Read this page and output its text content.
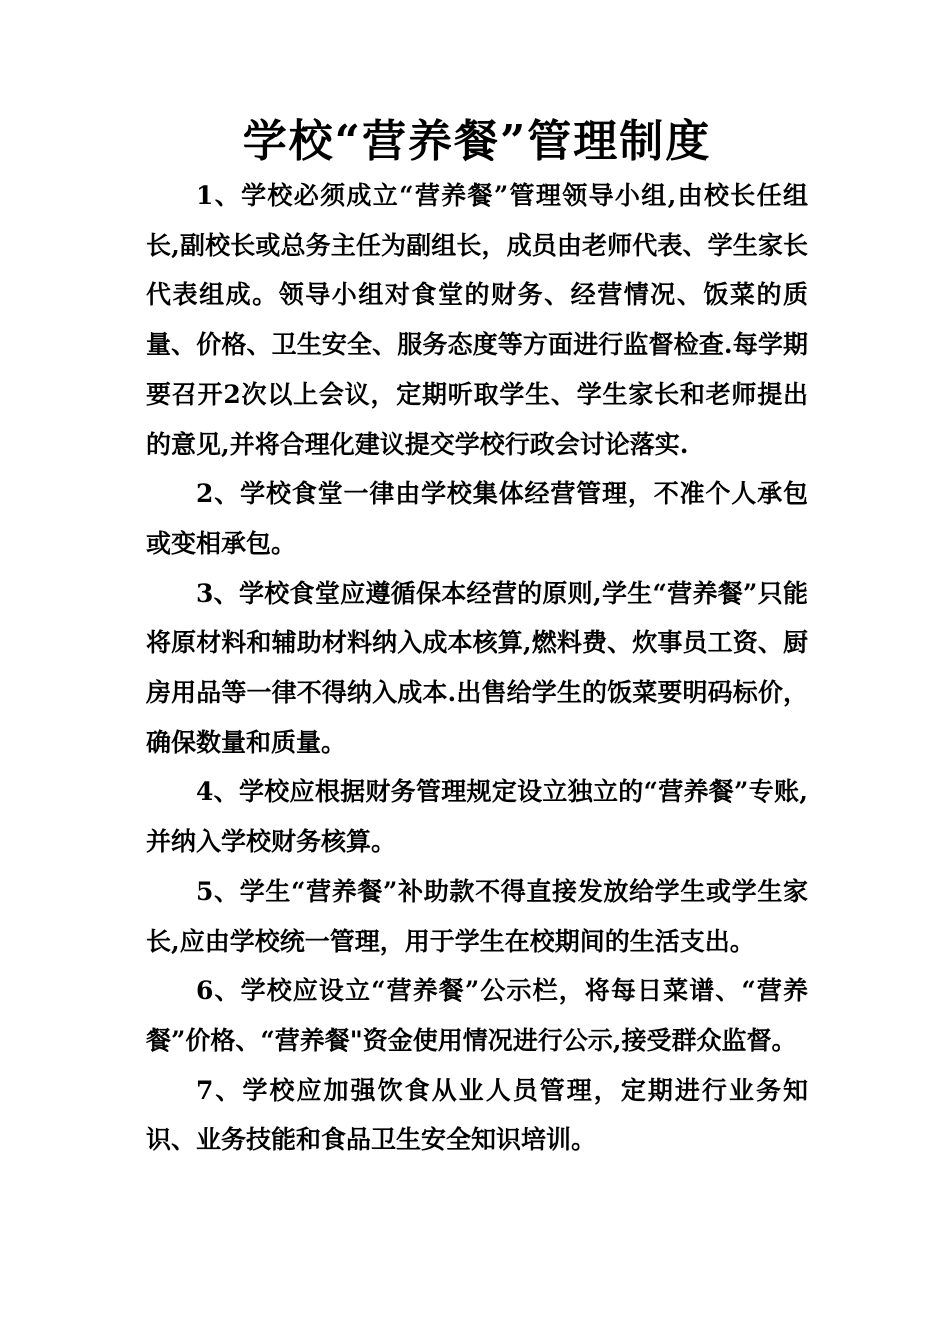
学校“营养餐”管理制度

1、学校必须成立“营养餐”管理领导小组,由校长任组长,副校长或总务主任为副组长，成员由老师代表、学生家长代表组成。领导小组对食堂的财务、经营情况、饭菜的质量、价格、卫生安全、服务态度等方面进行监督检查.每学期要召开2次以上会议，定期听取学生、学生家长和老师提出的意见,并将合理化建议提交学校行政会讨论落实.

2、学校食堂一律由学校集体经营管理，不准个人承包或变相承包。

3、学校食堂应遵循保本经营的原则,学生“营养餐”只能将原材料和辅助材料纳入成本核算,燃料费、炊事员工资、厨房用品等一律不得纳入成本.出售给学生的饭菜要明码标价，确保数量和质量。

4、学校应根据财务管理规定设立独立的“营养餐”专账,并纳入学校财务核算。

5、学生“营养餐”补助款不得直接发放给学生或学生家长,应由学校统一管理，用于学生在校期间的生活支出。

6、学校应设立“营养餐”公示栏，将每日菜谱、“营养餐”价格、“营养餐"资金使用情况进行公示,接受群众监督。

7、学校应加强饮食从业人员管理，定期进行业务知识、业务技能和食品卫生安全知识培训。
